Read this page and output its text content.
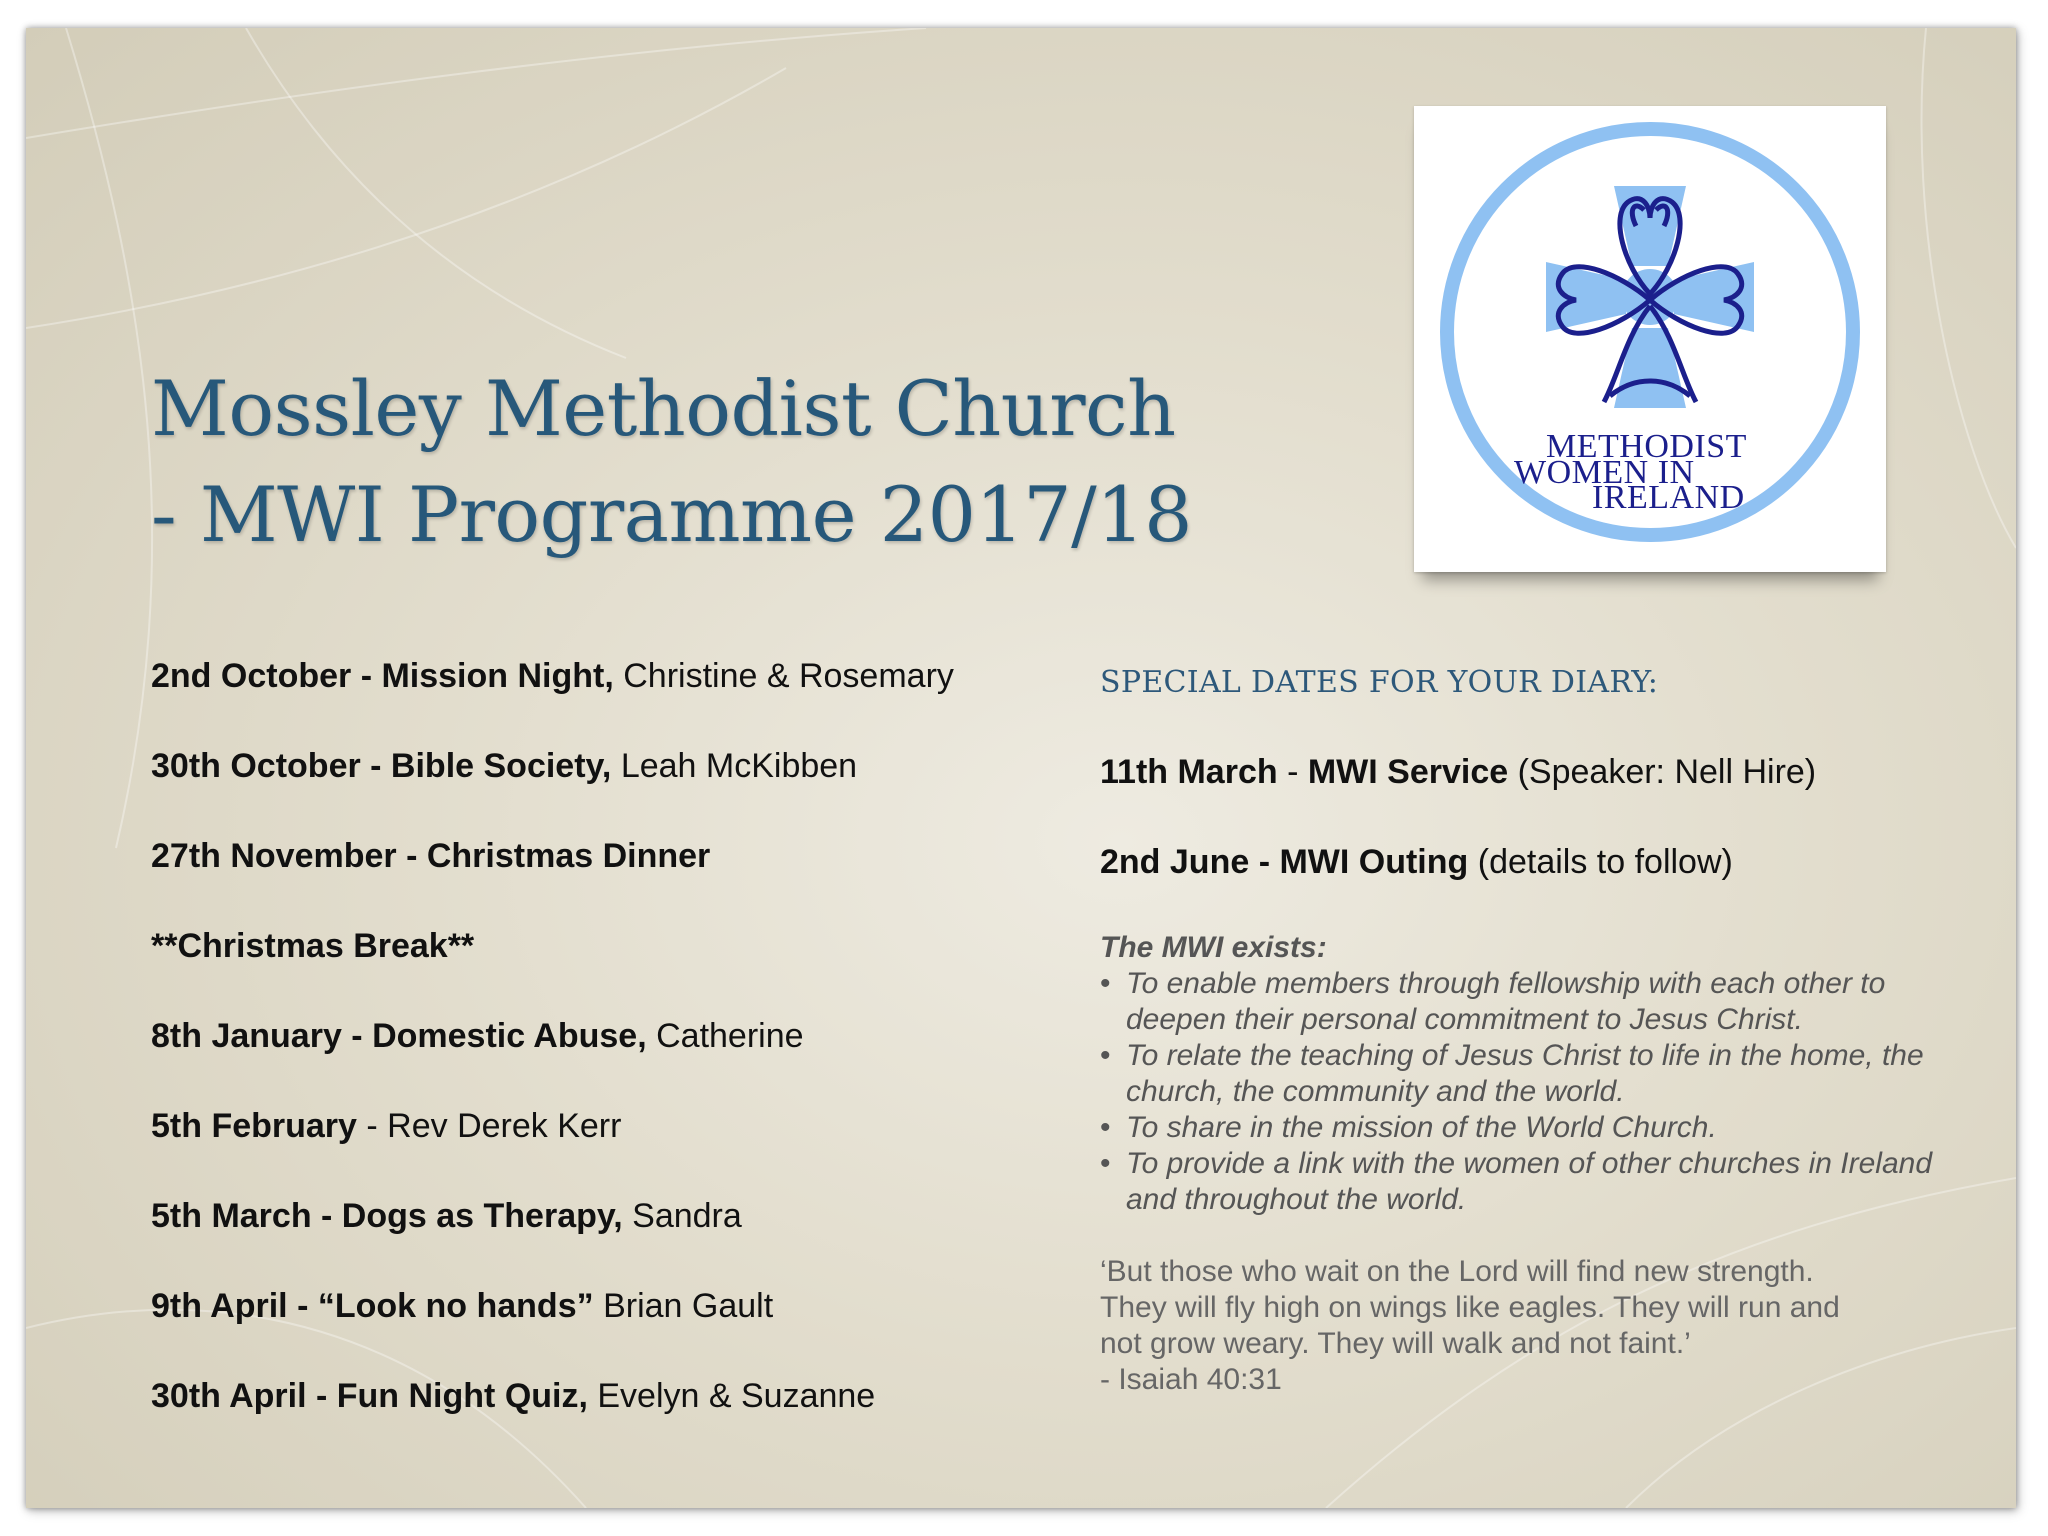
Mossley Methodist Church
- MWI Programme 2017/18
METHODIST
WOMEN IN
IRELAND
2nd October - Mission Night, Christine & Rosemary
30th October - Bible Society, Leah McKibben
27th November - Christmas Dinner
**Christmas Break**
8th January - Domestic Abuse, Catherine
5th February - Rev Derek Kerr
5th March - Dogs as Therapy, Sandra
9th April - “Look no hands” Brian Gault
30th April - Fun Night Quiz, Evelyn & Suzanne
SPECIAL DATES FOR YOUR DIARY:
11th March - MWI Service (Speaker: Nell Hire)
2nd June - MWI Outing (details to follow)
The MWI exists:
• To enable members through fellowship with each other to deepen their personal commitment to Jesus Christ.
• To relate the teaching of Jesus Christ to life in the home, the church, the community and the world.
• To share in the mission of the World Church.
• To provide a link with the women of other churches in Ireland and throughout the world.

‘But those who wait on the Lord will find new strength.

They will fly high on wings like eagles. They will run and

not grow weary. They will walk and not faint.’

- Isaiah 40:31
